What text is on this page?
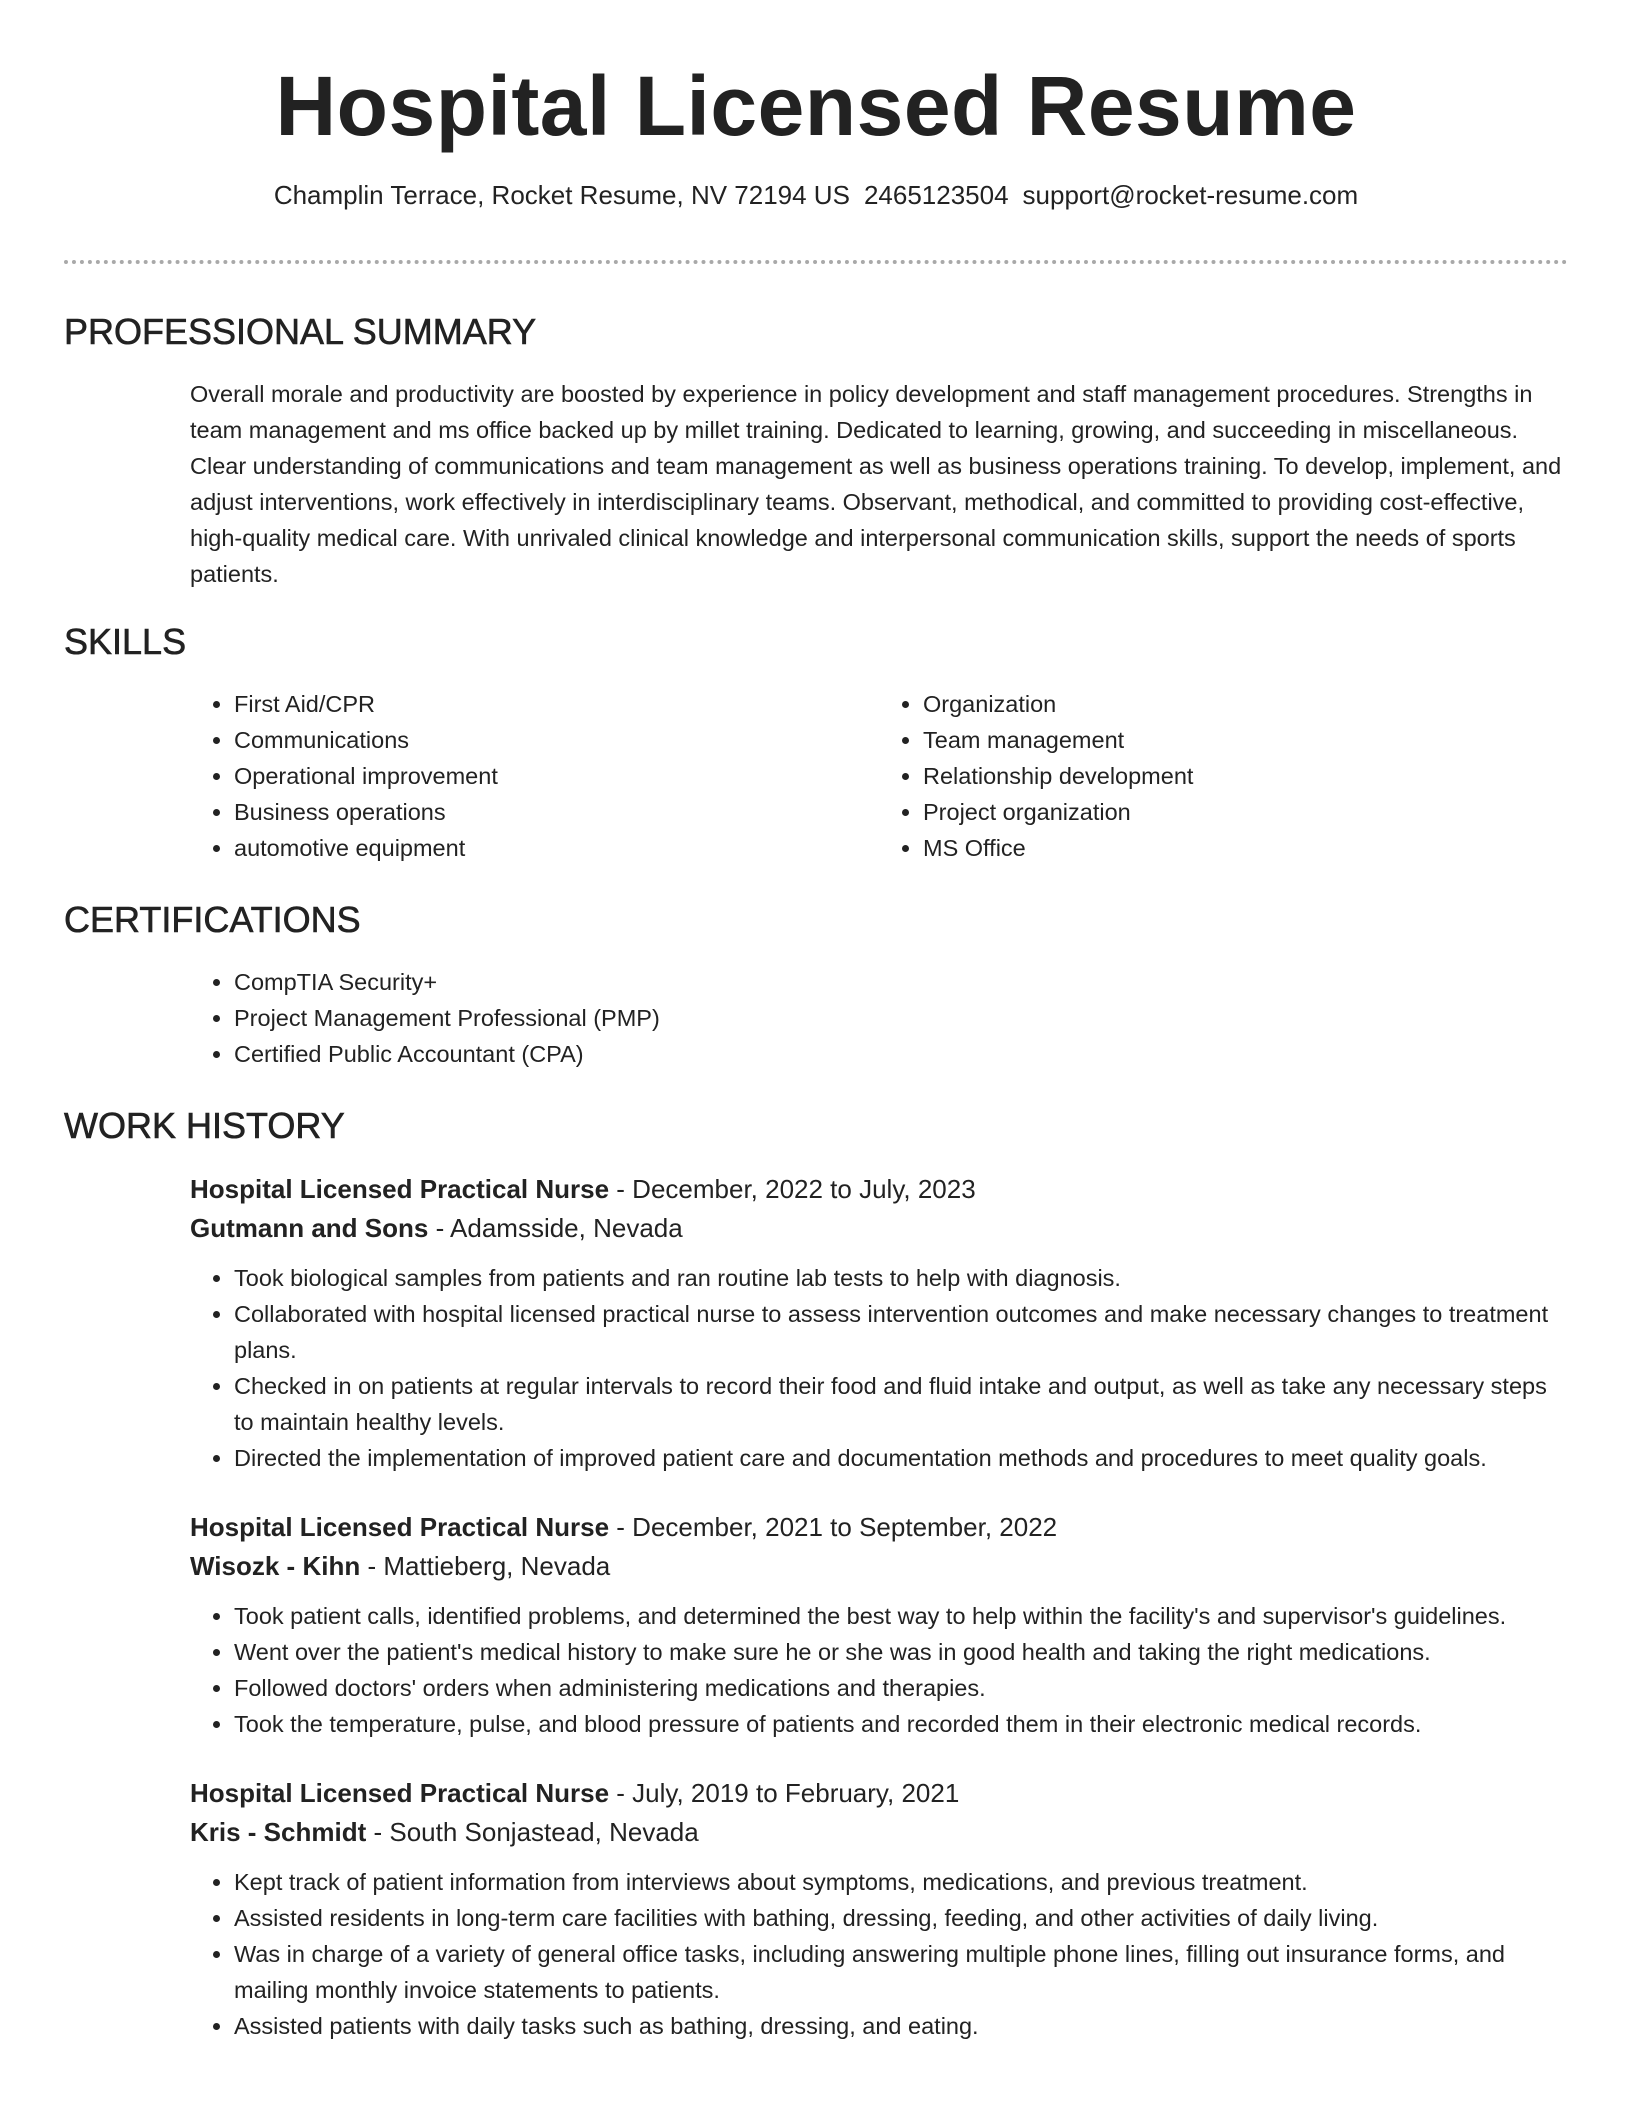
Hospital Licensed Resume
Champlin Terrace, Rocket Resume, NV 72194 US 2465123504 support@rocket-resume.com
PROFESSIONAL SUMMARY
Overall morale and productivity are boosted by experience in policy development and staff management procedures. Strengths in team management and ms office backed up by millet training. Dedicated to learning, growing, and succeeding in miscellaneous. Clear understanding of communications and team management as well as business operations training. To develop, implement, and adjust interventions, work effectively in interdisciplinary teams. Observant, methodical, and committed to providing cost-effective, high-quality medical care. With unrivaled clinical knowledge and interpersonal communication skills, support the needs of sports patients.
SKILLS
• First Aid/CPR
• Communications
• Operational improvement
• Business operations
• automotive equipment
• Organization
• Team management
• Relationship development
• Project organization
• MS Office
CERTIFICATIONS
• CompTIA Security+
• Project Management Professional (PMP)
• Certified Public Accountant (CPA)
WORK HISTORY
Hospital Licensed Practical Nurse - December, 2022 to July, 2023
Gutmann and Sons - Adamsside, Nevada
• Took biological samples from patients and ran routine lab tests to help with diagnosis.
• Collaborated with hospital licensed practical nurse to assess intervention outcomes and make necessary changes to treatment plans.
• Checked in on patients at regular intervals to record their food and fluid intake and output, as well as take any necessary steps to maintain healthy levels.
• Directed the implementation of improved patient care and documentation methods and procedures to meet quality goals.
Hospital Licensed Practical Nurse - December, 2021 to September, 2022
Wisozk - Kihn - Mattieberg, Nevada
• Took patient calls, identified problems, and determined the best way to help within the facility's and supervisor's guidelines.
• Went over the patient's medical history to make sure he or she was in good health and taking the right medications.
• Followed doctors' orders when administering medications and therapies.
• Took the temperature, pulse, and blood pressure of patients and recorded them in their electronic medical records.
Hospital Licensed Practical Nurse - July, 2019 to February, 2021
Kris - Schmidt - South Sonjastead, Nevada
• Kept track of patient information from interviews about symptoms, medications, and previous treatment.
• Assisted residents in long-term care facilities with bathing, dressing, feeding, and other activities of daily living.
• Was in charge of a variety of general office tasks, including answering multiple phone lines, filling out insurance forms, and mailing monthly invoice statements to patients.
• Assisted patients with daily tasks such as bathing, dressing, and eating.
